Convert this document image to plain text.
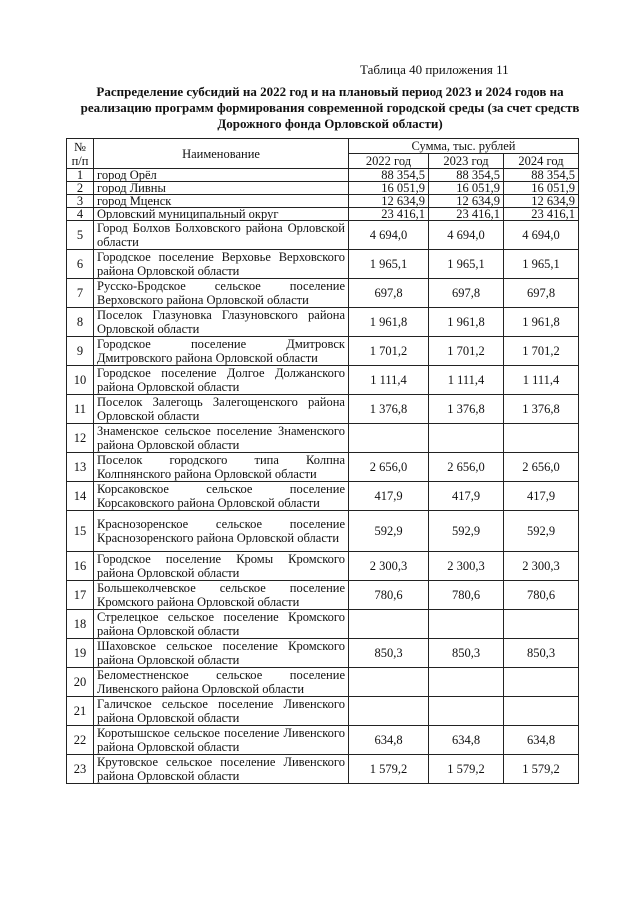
Таблица 40 приложения 11
Распределение субсидий на 2022 год и на плановый период 2023 и 2024 годов на реализацию программ формирования современной городской среды (за счет средств Дорожного фонда Орловской области)
№ п/п	Наименование	Сумма, тыс. рублей		
		2022 год	2023 год	2024 год
1	город Орёл	88 354,5	88 354,5	88 354,5
2	город Ливны	16 051,9	16 051,9	16 051,9
3	город Мценск	12 634,9	12 634,9	12 634,9
4	Орловский муниципальный округ	23 416,1	23 416,1	23 416,1
5	Город Болхов Болховского района Орловской области	4 694,0	4 694,0	4 694,0
6	Городское поселение Верховье Верховского района Орловской области	1 965,1	1 965,1	1 965,1
7	Русско-Бродское сельское поселение Верховского района Орловской области	697,8	697,8	697,8
8	Поселок Глазуновка Глазуновского района Орловской области	1 961,8	1 961,8	1 961,8
9	Городское поселение Дмитровск Дмитровского района Орловской области	1 701,2	1 701,2	1 701,2
10	Городское поселение Долгое Должанского района Орловской области	1 111,4	1 111,4	1 111,4
11	Поселок Залегощь Залегощенского района Орловской области	1 376,8	1 376,8	1 376,8
12	Знаменское сельское поселение Знаменского района Орловской области			
13	Поселок городского типа Колпна Колпнянского района Орловской области	2 656,0	2 656,0	2 656,0
14	Корсаковское сельское поселение Корсаковского района Орловской области	417,9	417,9	417,9
15	Краснозоренское сельское поселение Краснозоренского района Орловской области	592,9	592,9	592,9
16	Городское поселение Кромы Кромского района Орловской области	2 300,3	2 300,3	2 300,3
17	Большеколчевское сельское поселение Кромского района Орловской области	780,6	780,6	780,6
18	Стрелецкое сельское поселение Кромского района Орловской области			
19	Шаховское сельское поселение Кромского района Орловской области	850,3	850,3	850,3
20	Беломестненское сельское поселение Ливенского района Орловской области			
21	Галичское сельское поселение Ливенского района Орловской области			
22	Коротышское сельское поселение Ливенского района Орловской области	634,8	634,8	634,8
23	Крутовское сельское поселение Ливенского района Орловской области	1 579,2	1 579,2	1 579,2
